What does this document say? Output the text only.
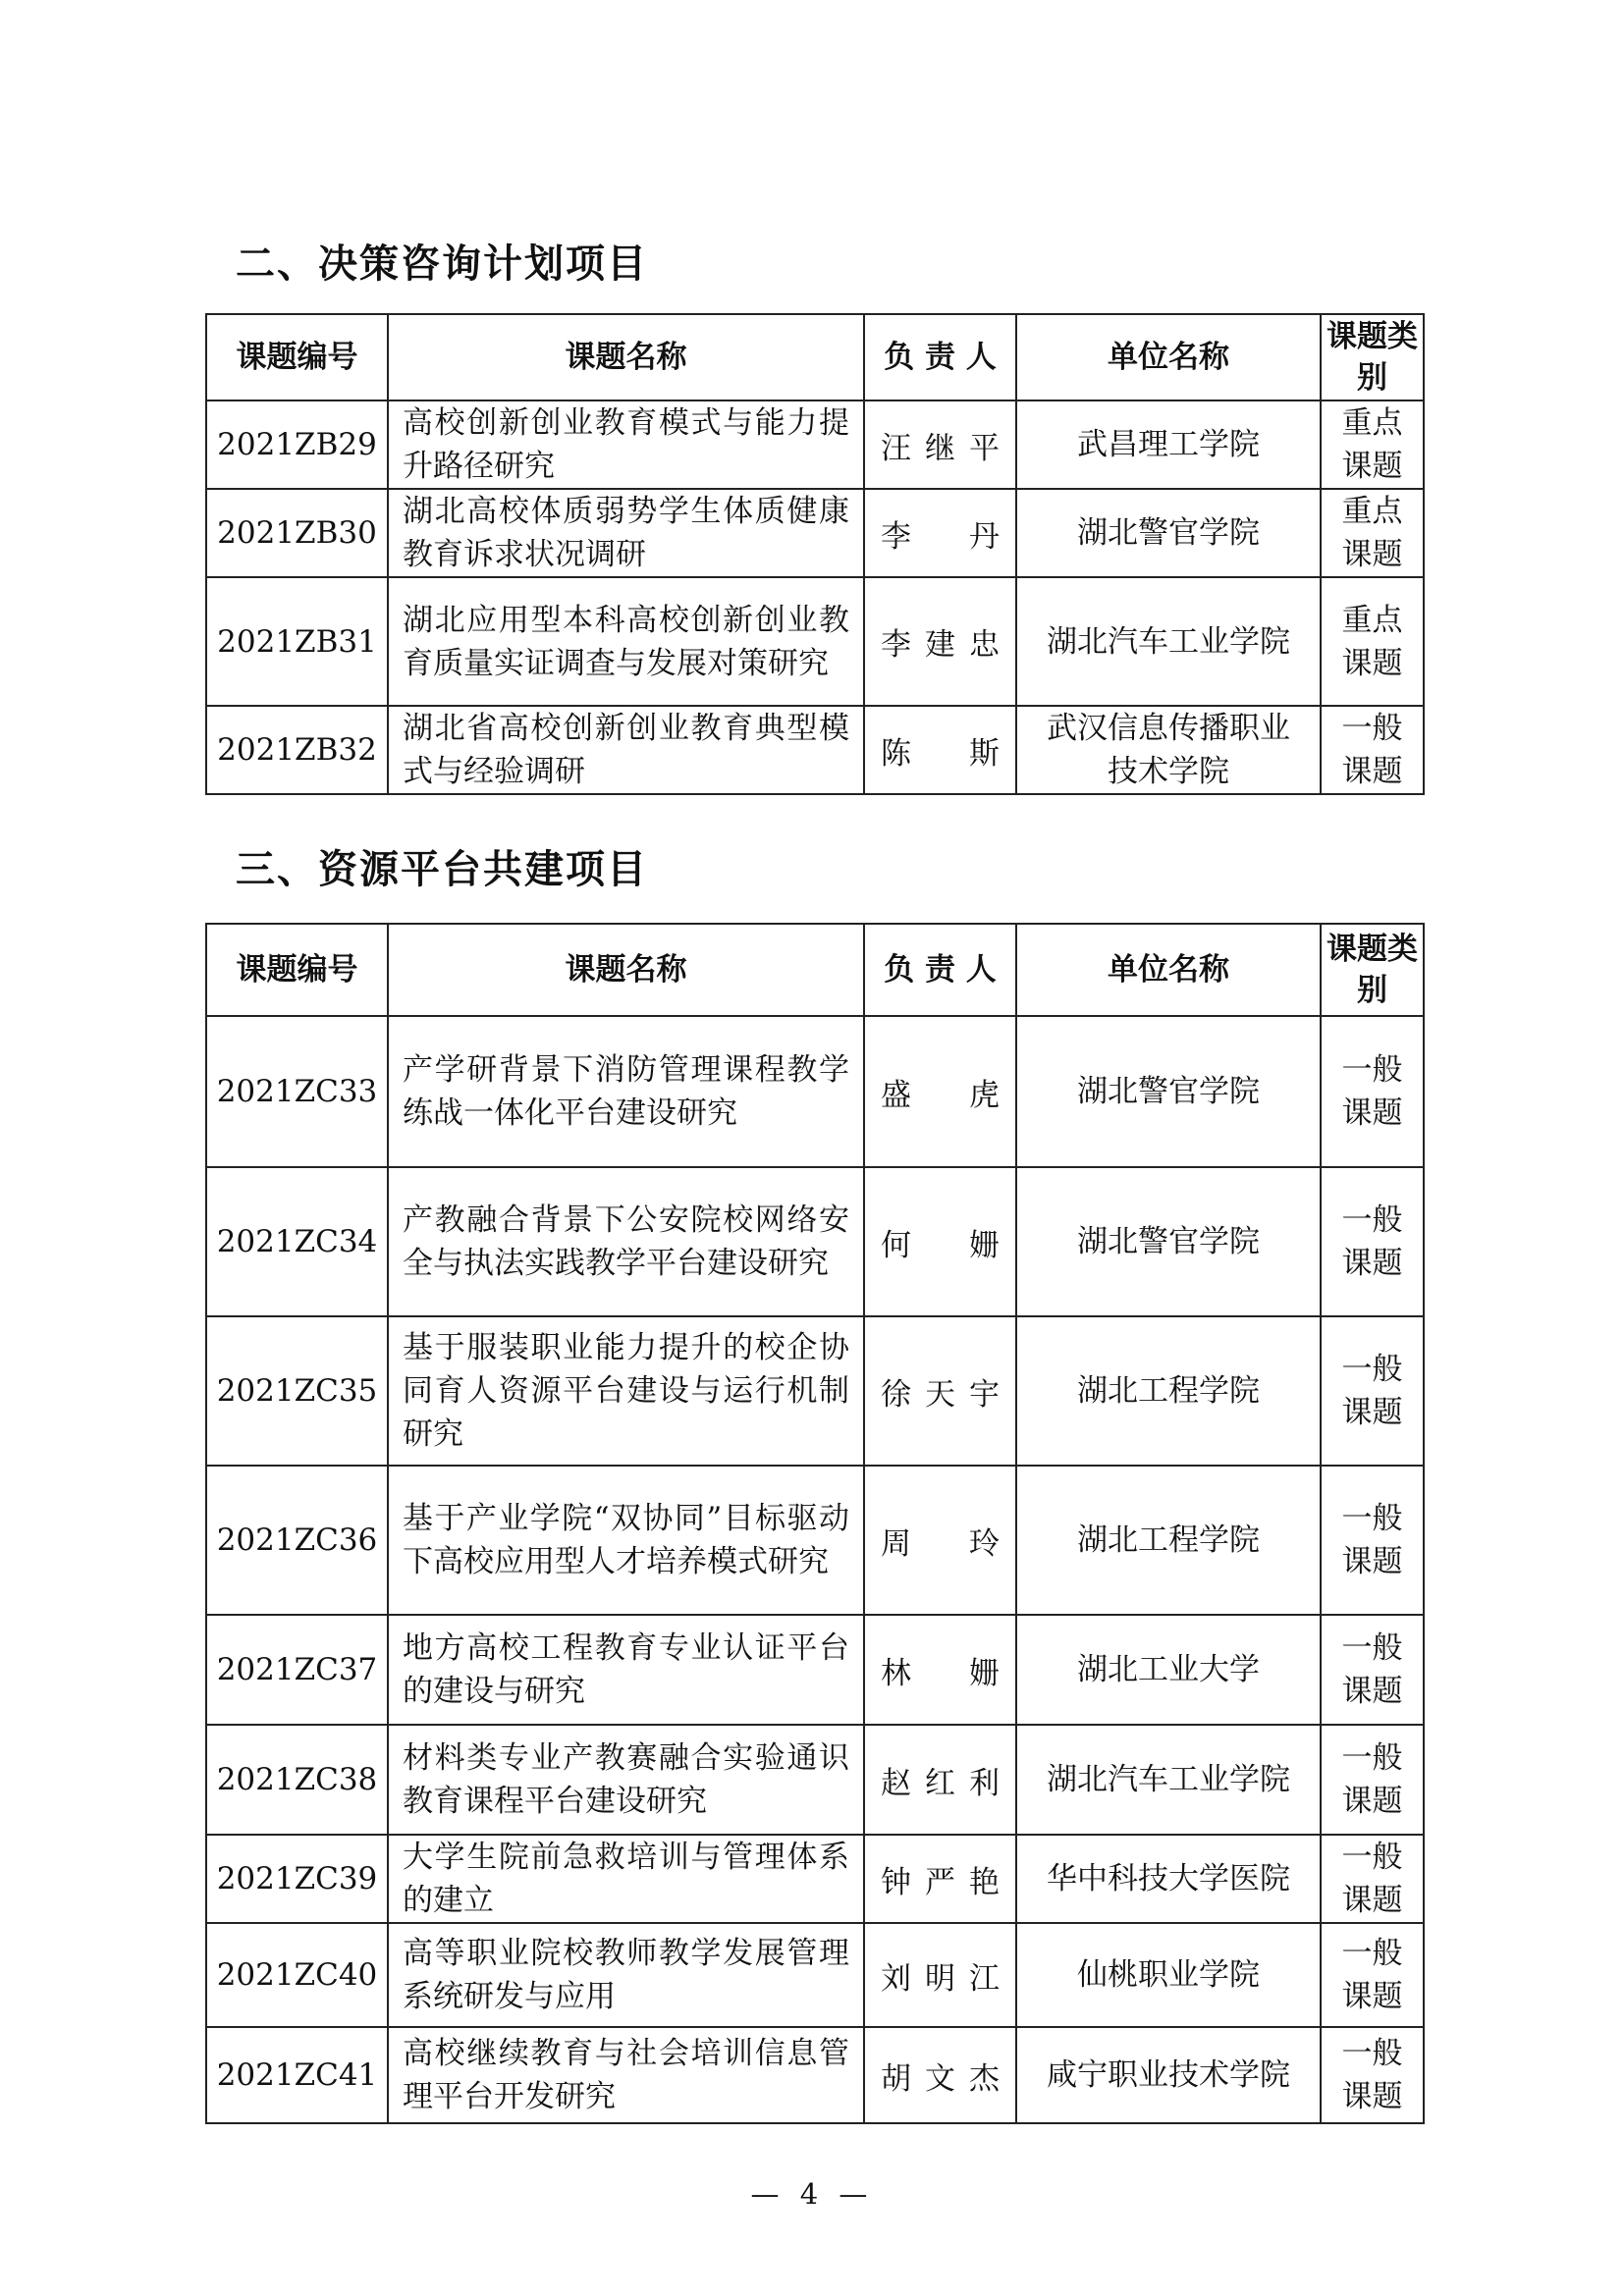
二、决策咨询计划项目
课题编号	课题名称	负 责 人	单位名称	课题类别
2021ZB29	高校创新创业教育模式与能力提升路径研究	汪继平	武昌理工学院	重点课题
2021ZB30	湖北高校体质弱势学生体质健康教育诉求状况调研	李丹	湖北警官学院	重点课题
2021ZB31	湖北应用型本科高校创新创业教育质量实证调查与发展对策研究	李建忠	湖北汽车工业学院	重点课题
2021ZB32	湖北省高校创新创业教育典型模式与经验调研	陈斯	武汉信息传播职业技术学院	一般课题
三、资源平台共建项目
课题编号	课题名称	负 责 人	单位名称	课题类别
2021ZC33	产学研背景下消防管理课程教学练战一体化平台建设研究	盛虎	湖北警官学院	一般课题
2021ZC34	产教融合背景下公安院校网络安全与执法实践教学平台建设研究	何姗	湖北警官学院	一般课题
2021ZC35	基于服装职业能力提升的校企协同育人资源平台建设与运行机制研究	徐天宇	湖北工程学院	一般课题
2021ZC36	基于产业学院“双协同”目标驱动下高校应用型人才培养模式研究	周玲	湖北工程学院	一般课题
2021ZC37	地方高校工程教育专业认证平台的建设与研究	林姗	湖北工业大学	一般课题
2021ZC38	材料类专业产教赛融合实验通识教育课程平台建设研究	赵红利	湖北汽车工业学院	一般课题
2021ZC39	大学生院前急救培训与管理体系的建立	钟严艳	华中科技大学医院	一般课题
2021ZC40	高等职业院校教师教学发展管理系统研发与应用	刘明江	仙桃职业学院	一般课题
2021ZC41	高校继续教育与社会培训信息管理平台开发研究	胡文杰	咸宁职业技术学院	一般课题
— 4 —
